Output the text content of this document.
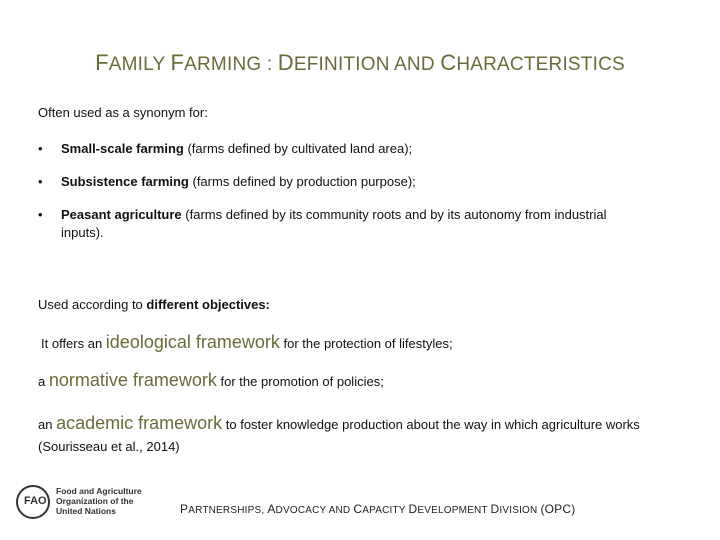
FAMILY FARMING : DEFINITION AND CHARACTERISTICS
Often used as a synonym for:
• Small-scale farming (farms defined by cultivated land area);
• Subsistence farming (farms defined by production purpose);
• Peasant agriculture (farms defined by its community roots and by its autonomy from industrial inputs).
Used according to different objectives:
It offers an ideological framework for the protection of lifestyles;
a normative framework for the promotion of policies;
an academic framework to foster knowledge production about the way in which agriculture works (Sourisseau et al., 2014)
FAO
Food and Agriculture
Organization of the
United Nations	PARTNERSHIPS, ADVOCACY AND CAPACITY DEVELOPMENT DIVISION (OPC)
